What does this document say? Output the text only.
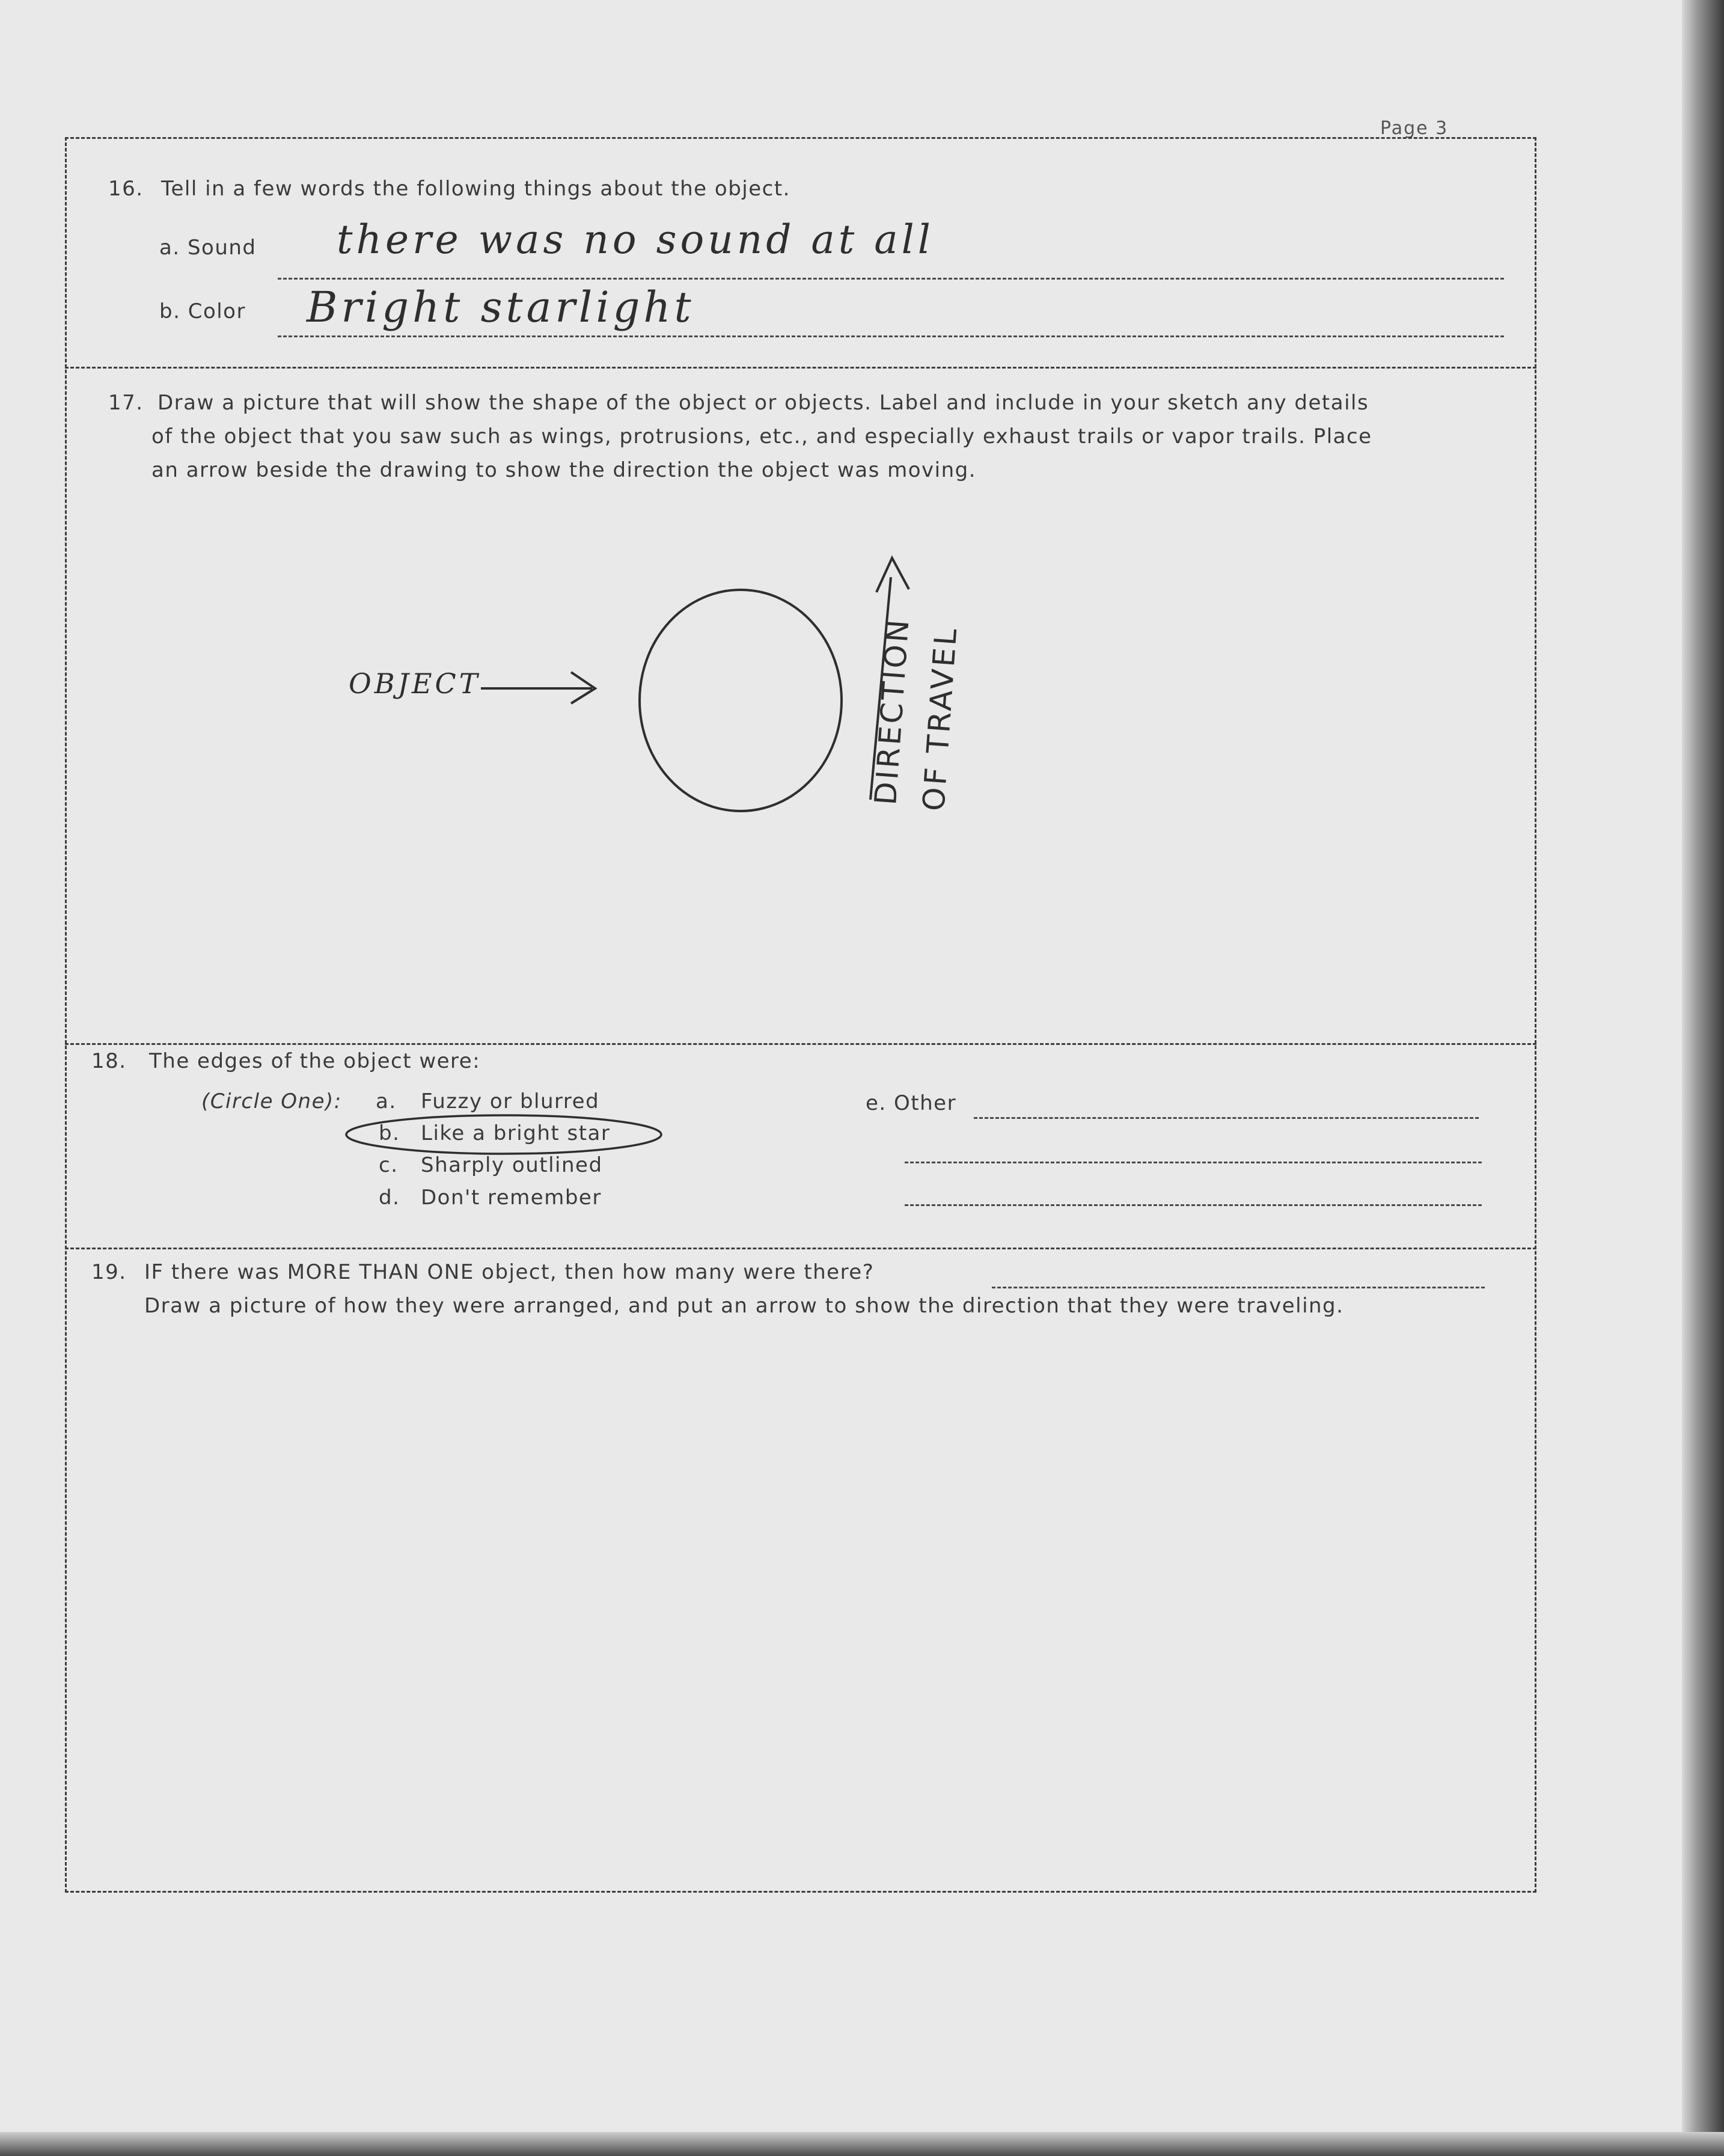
Page 3
16. Tell in a few words the following things about the object.
a. Sound there was no sound at all
b. Color Bright starlight
17. Draw a picture that will show the shape of the object or objects. Label and include in your sketch any details
of the object that you saw such as wings, protrusions, etc., and especially exhaust trails or vapor trails. Place
an arrow beside the drawing to show the direction the object was moving.
DIRECTION OF TRAVEL
OBJECT
18. The edges of the object were:
(Circle One): a. Fuzzy or blurred
b. Like a bright star
c. Sharply outlined
d. Don't remember
e. Other
19. IF there was MORE THAN ONE object, then how many were there?
Draw a picture of how they were arranged, and put an arrow to show the direction that they were traveling.
